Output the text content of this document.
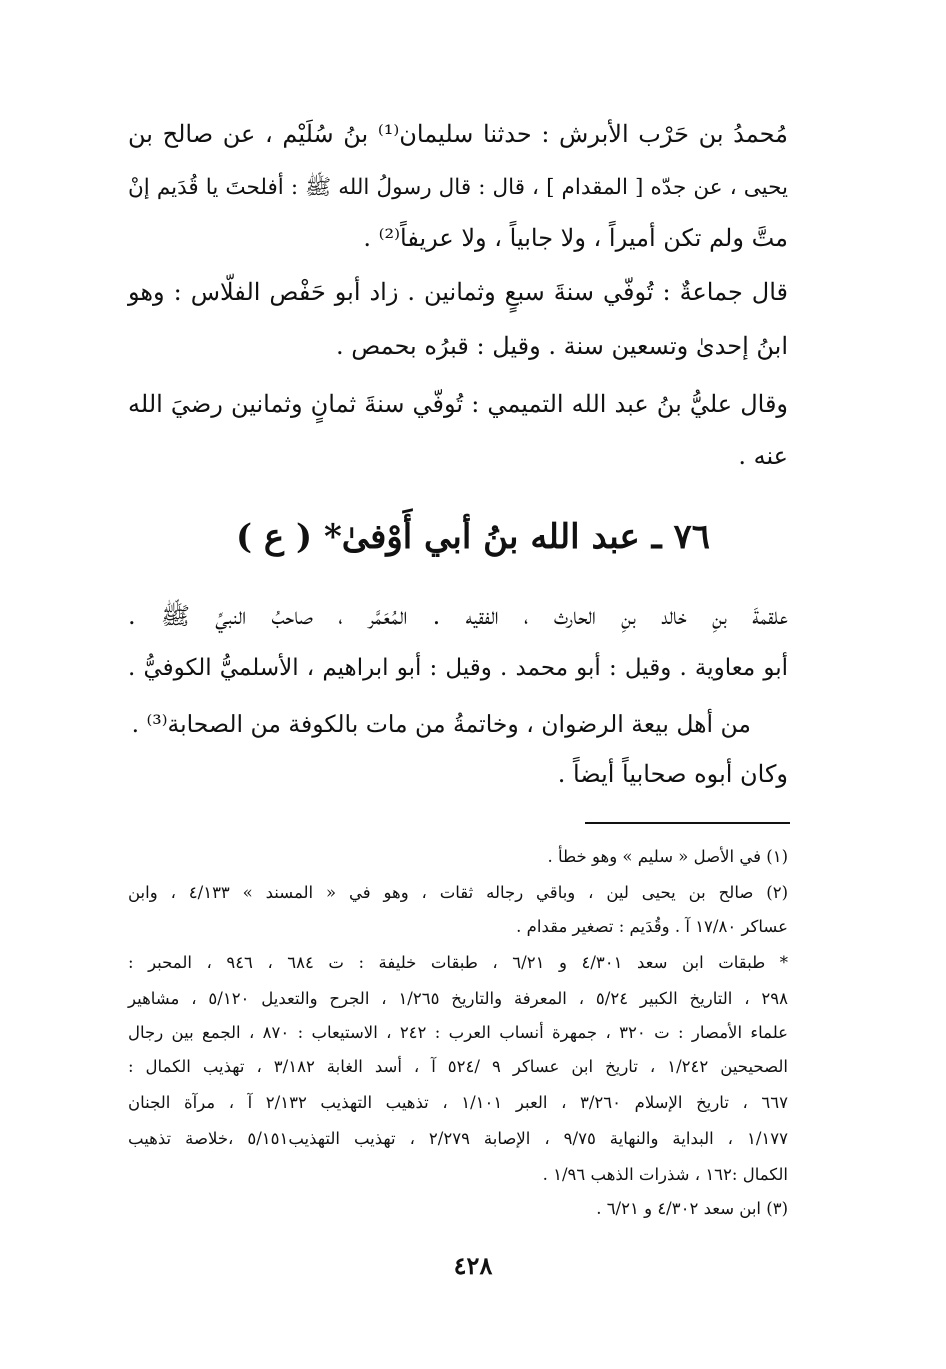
مُحمدُ بن حَرْب الأبرش : حدثنا سليمان⁽¹⁾ بنُ سُلَيْم ، عن صالح بن
يحيى ، عن جدّه [ المقدام ] ، قال : قال رسولُ الله ﷺ : أفلحتَ يا قُدَيم إنْ
متَّ ولم تكن أميراً ، ولا جابياً ، ولا عريفاً⁽²⁾ .
قال جماعةٌ : تُوفّي سنةَ سبعٍ وثمانين . زاد أبو حَفْص الفلّاس : وهو
ابنُ إحدىٰ وتسعين سنة . وقيل : قبرُه بحمص .
وقال عليُّ بنُ عبد الله التميمي : تُوفّي سنةَ ثمانٍ وثمانين رضيَ الله
عنه .
٧٦ ـ عبد الله بنُ أبي أَوْفىٰ* ( ع )
علقمةَ بنِ خالد بنِ الحارث ، الفقيه . المُعَمَّر ، صاحبُ النبيِّ ﷺ .
أبو معاوية . وقيل : أبو محمد . وقيل : أبو ابراهيم ، الأسلميُّ الكوفيُّ .
من أهل بيعة الرضوان ، وخاتمةُ من مات بالكوفة من الصحابة⁽³⁾ .
وكان أبوه صحابياً أيضاً .
(١) في الأصل « سليم » وهو خطأ .
(٢) صالح بن يحيى لين ، وباقي رجاله ثقات ، وهو في « المسند » ٤/١٣٣ ، وابن
عساكر ١٧/٨٠ آ . وقُدَيم : تصغير مقدام .
* طبقات ابن سعد ٤/٣٠١ و ٦/٢١ ، طبقات خليفة : ت ٦٨٤ ، ٩٤٦ ، المحبر :
٢٩٨ ، التاريخ الكبير ٥/٢٤ ، المعرفة والتاريخ ١/٢٦٥ ، الجرح والتعديل ٥/١٢٠ ، مشاهير
علماء الأمصار : ت ٣٢٠ ، جمهرة أنساب العرب : ٢٤٢ ، الاستيعاب : ٨٧٠ ، الجمع بين رجال
الصحيحين ١/٢٤٢ ، تاريخ ابن عساكر ٩ /٥٢٤ آ ، أسد الغابة ٣/١٨٢ ، تهذيب الكمال :
٦٦٧ ، تاريخ الإسلام ٣/٢٦٠ ، العبر ١/١٠١ ، تذهيب التهذيب ٢/١٣٢ آ ، مرآة الجنان
١/١٧٧ ، البداية والنهاية ٩/٧٥ ، الإصابة ٢/٢٧٩ ، تهذيب التهذيب٥/١٥١ ،خلاصة تذهيب
الكمال :١٦٢ ، شذرات الذهب ١/٩٦ .
(٣) ابن سعد ٤/٣٠٢ و ٦/٢١ .
٤٢٨
